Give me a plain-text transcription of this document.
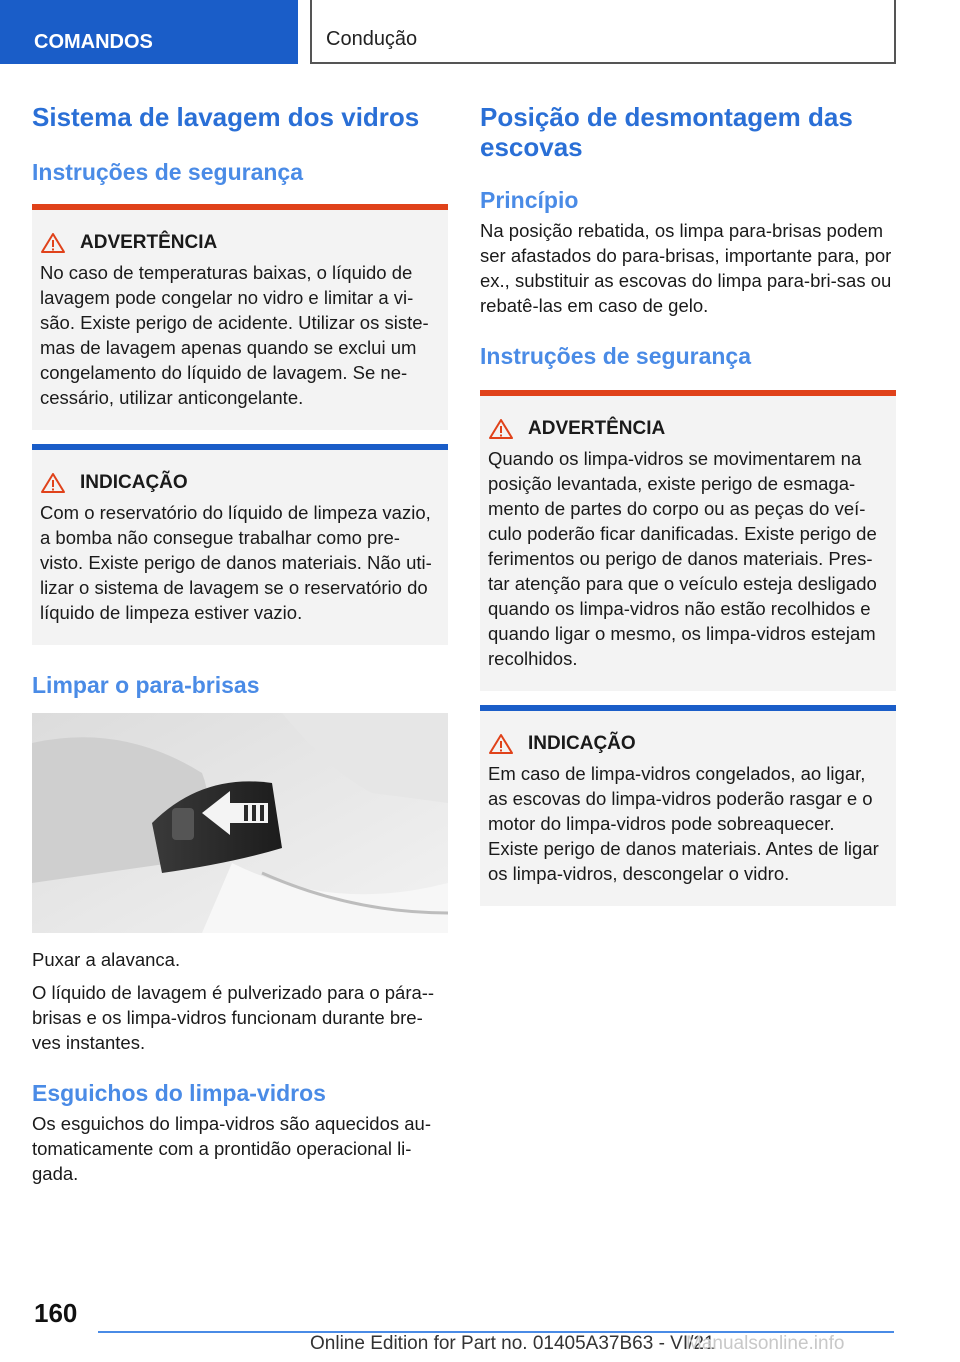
COMANDOS	Condução
Sistema de lavagem dos vidros
Instruções de segurança
ADVERTÊNCIA

No caso de temperaturas baixas, o líquido de lavagem pode congelar no vidro e limitar a vi-são. Existe perigo de acidente. Utilizar os siste-mas de lavagem apenas quando se exclui um congelamento do líquido de lavagem. Se ne-cessário, utilizar anticongelante.

INDICAÇÃO

Com o reservatório do líquido de limpeza vazio, a bomba não consegue trabalhar como pre-visto. Existe perigo de danos materiais. Não uti-lizar o sistema de lavagem se o reservatório do líquido de limpeza estiver vazio.

Limpar o para-brisas

Puxar a alavanca.

O líquido de lavagem é pulverizado para o pára--brisas e os limpa-vidros funcionam durante bre-ves instantes.

Esguichos do limpa-vidros

Os esguichos do limpa-vidros são aquecidos au-tomaticamente com a prontidão operacional li-gada.

Posição de desmontagem das escovas
Princípio

Na posição rebatida, os limpa para-brisas podem ser afastados do para-brisas, importante para, por ex., substituir as escovas do limpa para-bri-sas ou rebatê-las em caso de gelo.

Instruções de segurança
ADVERTÊNCIA

Quando os limpa-vidros se movimentarem na posição levantada, existe perigo de esmaga-mento de partes do corpo ou as peças do veí-culo poderão ficar danificadas. Existe perigo de ferimentos ou perigo de danos materiais. Pres-tar atenção para que o veículo esteja desligado quando os limpa-vidros não estão recolhidos e quando ligar o mesmo, os limpa-vidros estejam recolhidos.

INDICAÇÃO

Em caso de limpa-vidros congelados, ao ligar, as escovas do limpa-vidros poderão rasgar e o motor do limpa-vidros pode sobreaquecer. Existe perigo de danos materiais. Antes de ligar os limpa-vidros, descongelar o vidro.

160
Online Edition for Part no. 01405A37B63 - VI/21
Manualsonline.info
